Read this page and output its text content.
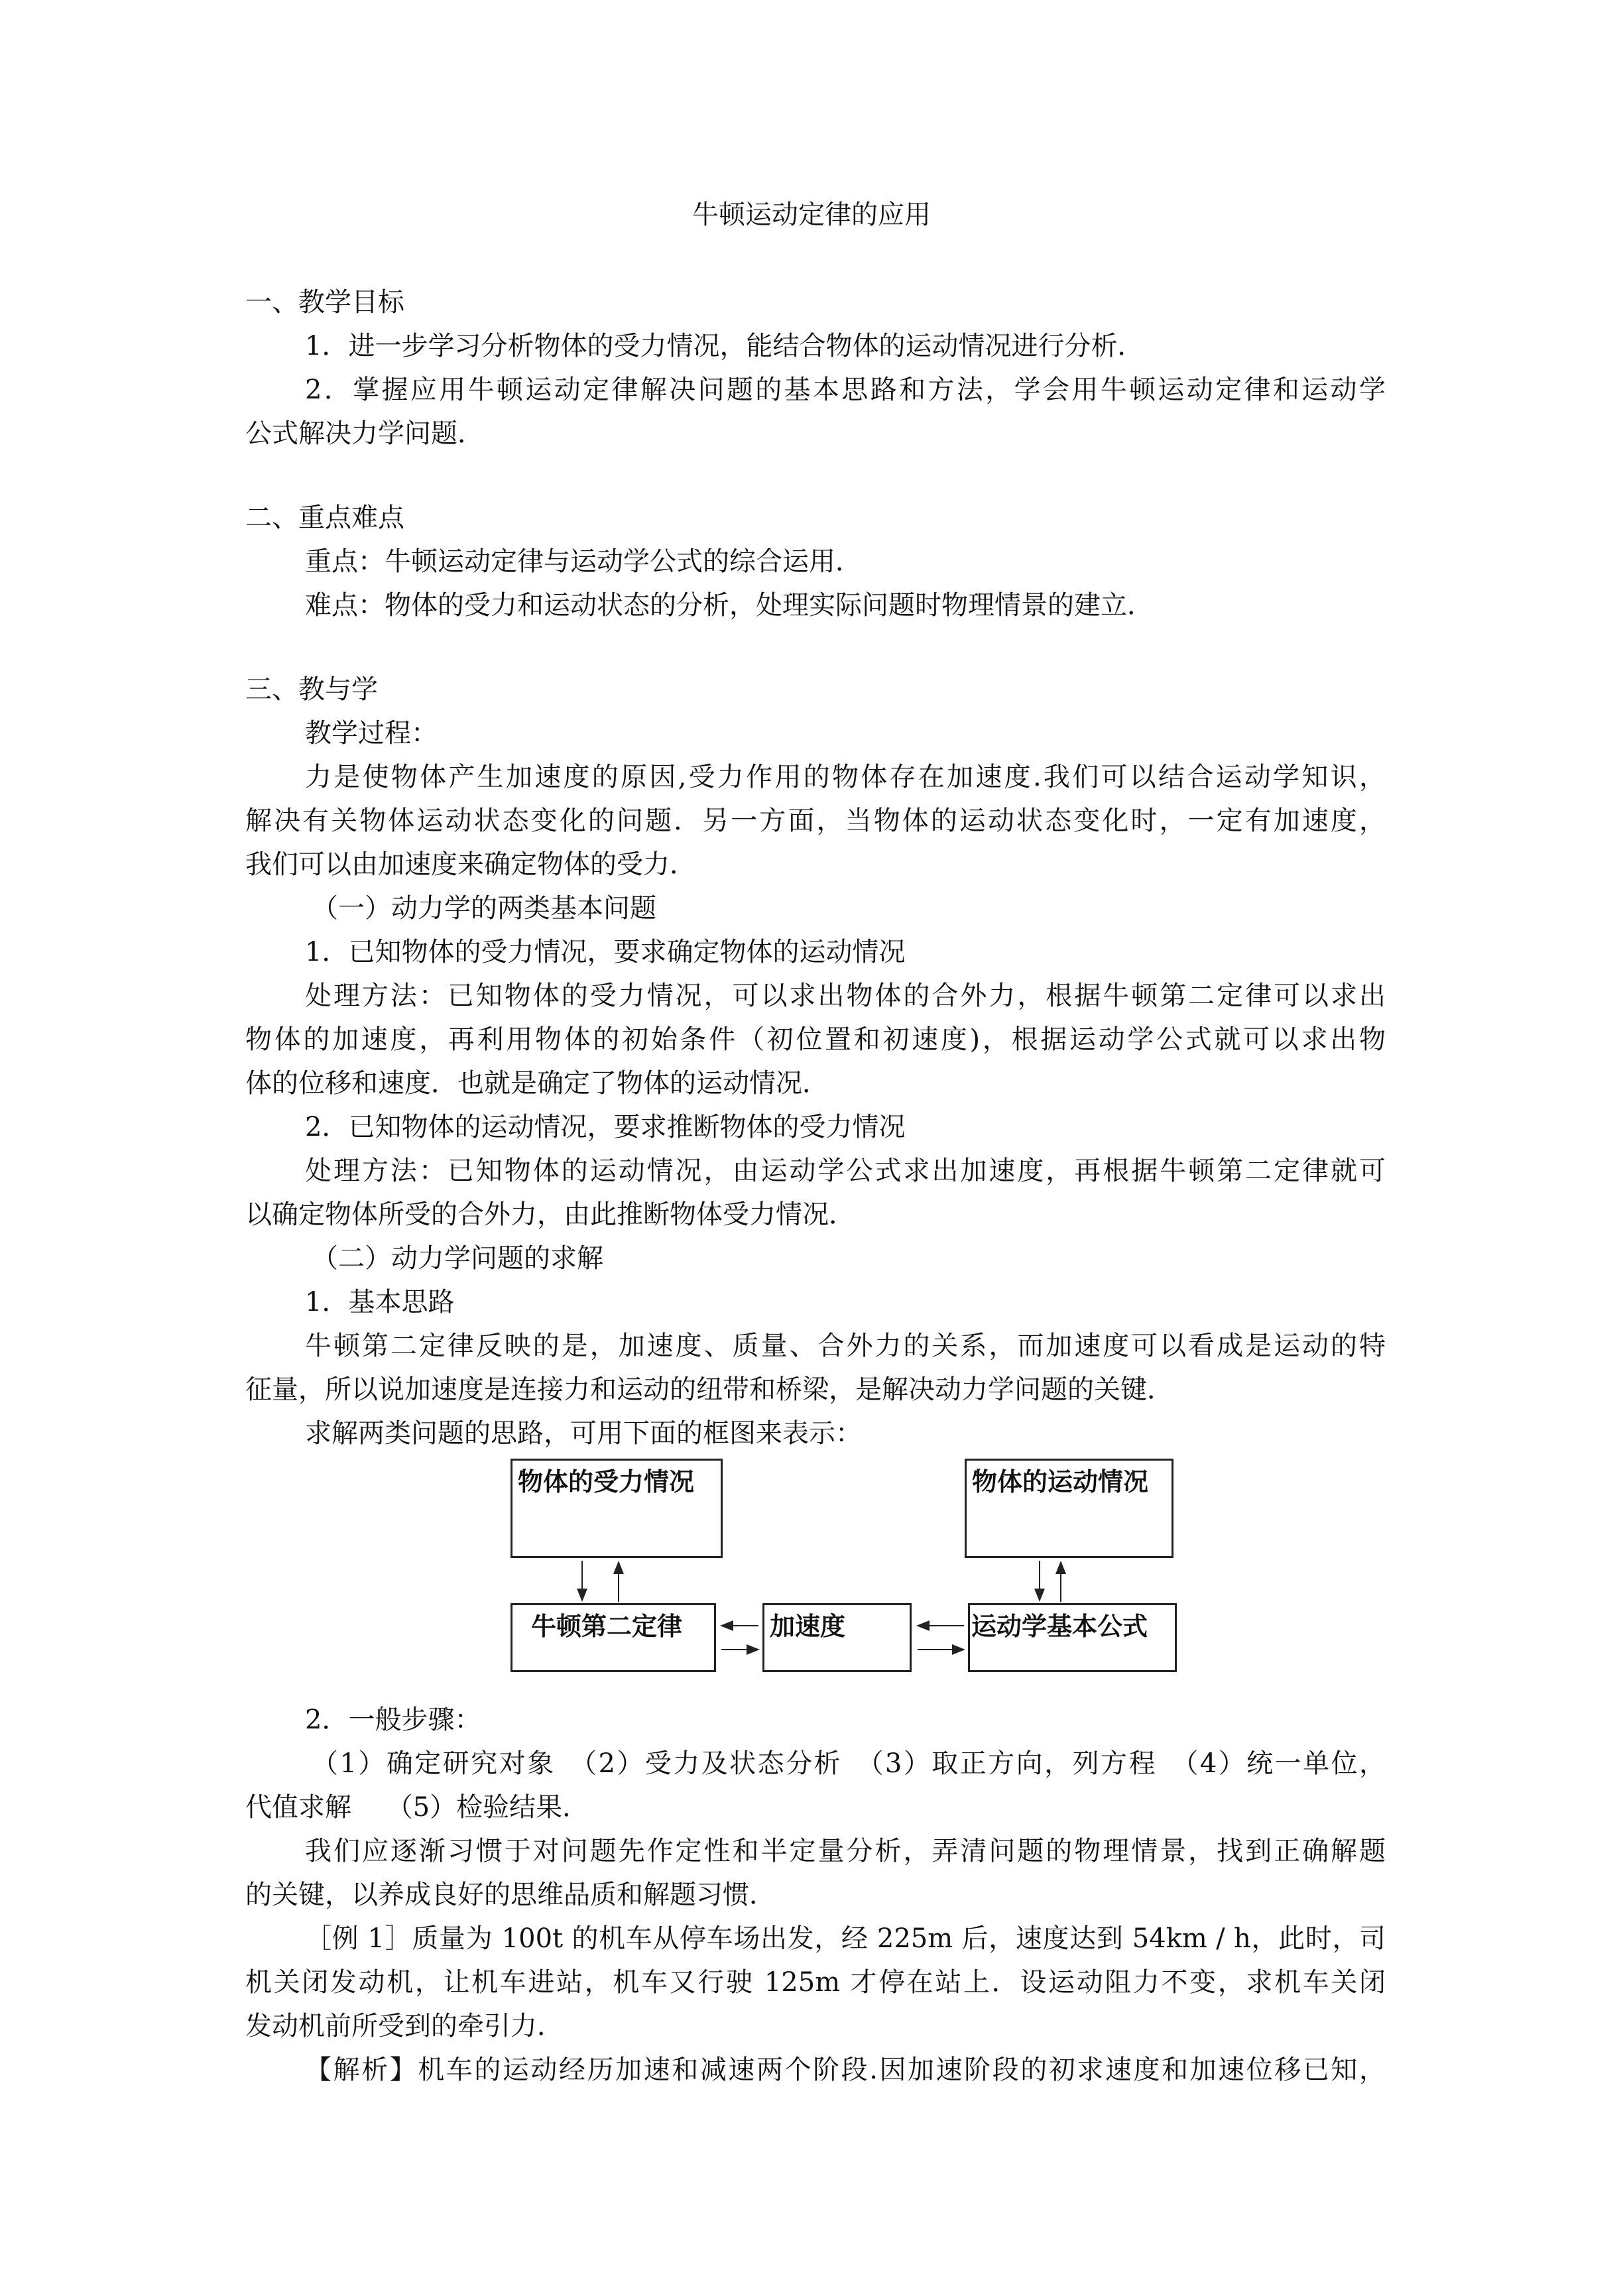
牛顿运动定律的应用
一、教学目标
1．进一步学习分析物体的受力情况，能结合物体的运动情况进行分析．
2．掌握应用牛顿运动定律解决问题的基本思路和方法，学会用牛顿运动定律和运动学
公式解决力学问题．
二、重点难点
重点：牛顿运动定律与运动学公式的综合运用．
难点：物体的受力和运动状态的分析，处理实际问题时物理情景的建立．
三、教与学
教学过程：
力是使物体产生加速度的原因,受力作用的物体存在加速度.我们可以结合运动学知识，
解决有关物体运动状态变化的问题．另一方面，当物体的运动状态变化时，一定有加速度，
我们可以由加速度来确定物体的受力．
（一）动力学的两类基本问题
1．已知物体的受力情况，要求确定物体的运动情况
处理方法：已知物体的受力情况，可以求出物体的合外力，根据牛顿第二定律可以求出
物体的加速度，再利用物体的初始条件（初位置和初速度)，根据运动学公式就可以求出物
体的位移和速度．也就是确定了物体的运动情况．
2．已知物体的运动情况，要求推断物体的受力情况
处理方法：已知物体的运动情况，由运动学公式求出加速度，再根据牛顿第二定律就可
以确定物体所受的合外力，由此推断物体受力情况．
（二）动力学问题的求解
1．基本思路
牛顿第二定律反映的是，加速度、质量、合外力的关系，而加速度可以看成是运动的特
征量，所以说加速度是连接力和运动的纽带和桥梁，是解决动力学问题的关键．
求解两类问题的思路，可用下面的框图来表示：
物体的受力情况	物体的运动情况
牛顿第二定律	加速度	运动学基本公式
2．一般步骤：
（1）确定研究对象　（2）受力及状态分析　（3）取正方向，列方程　（4）统一单位，
代值求解　 （5）检验结果．
我们应逐渐习惯于对问题先作定性和半定量分析，弄清问题的物理情景，找到正确解题
的关键，以养成良好的思维品质和解题习惯．
［例 1］质量为 100t 的机车从停车场出发，经 225m 后，速度达到 54km / h，此时，司
机关闭发动机，让机车进站，机车又行驶 125m 才停在站上．设运动阻力不变，求机车关闭
发动机前所受到的牵引力．
【解析】机车的运动经历加速和减速两个阶段.因加速阶段的初求速度和加速位移已知，
